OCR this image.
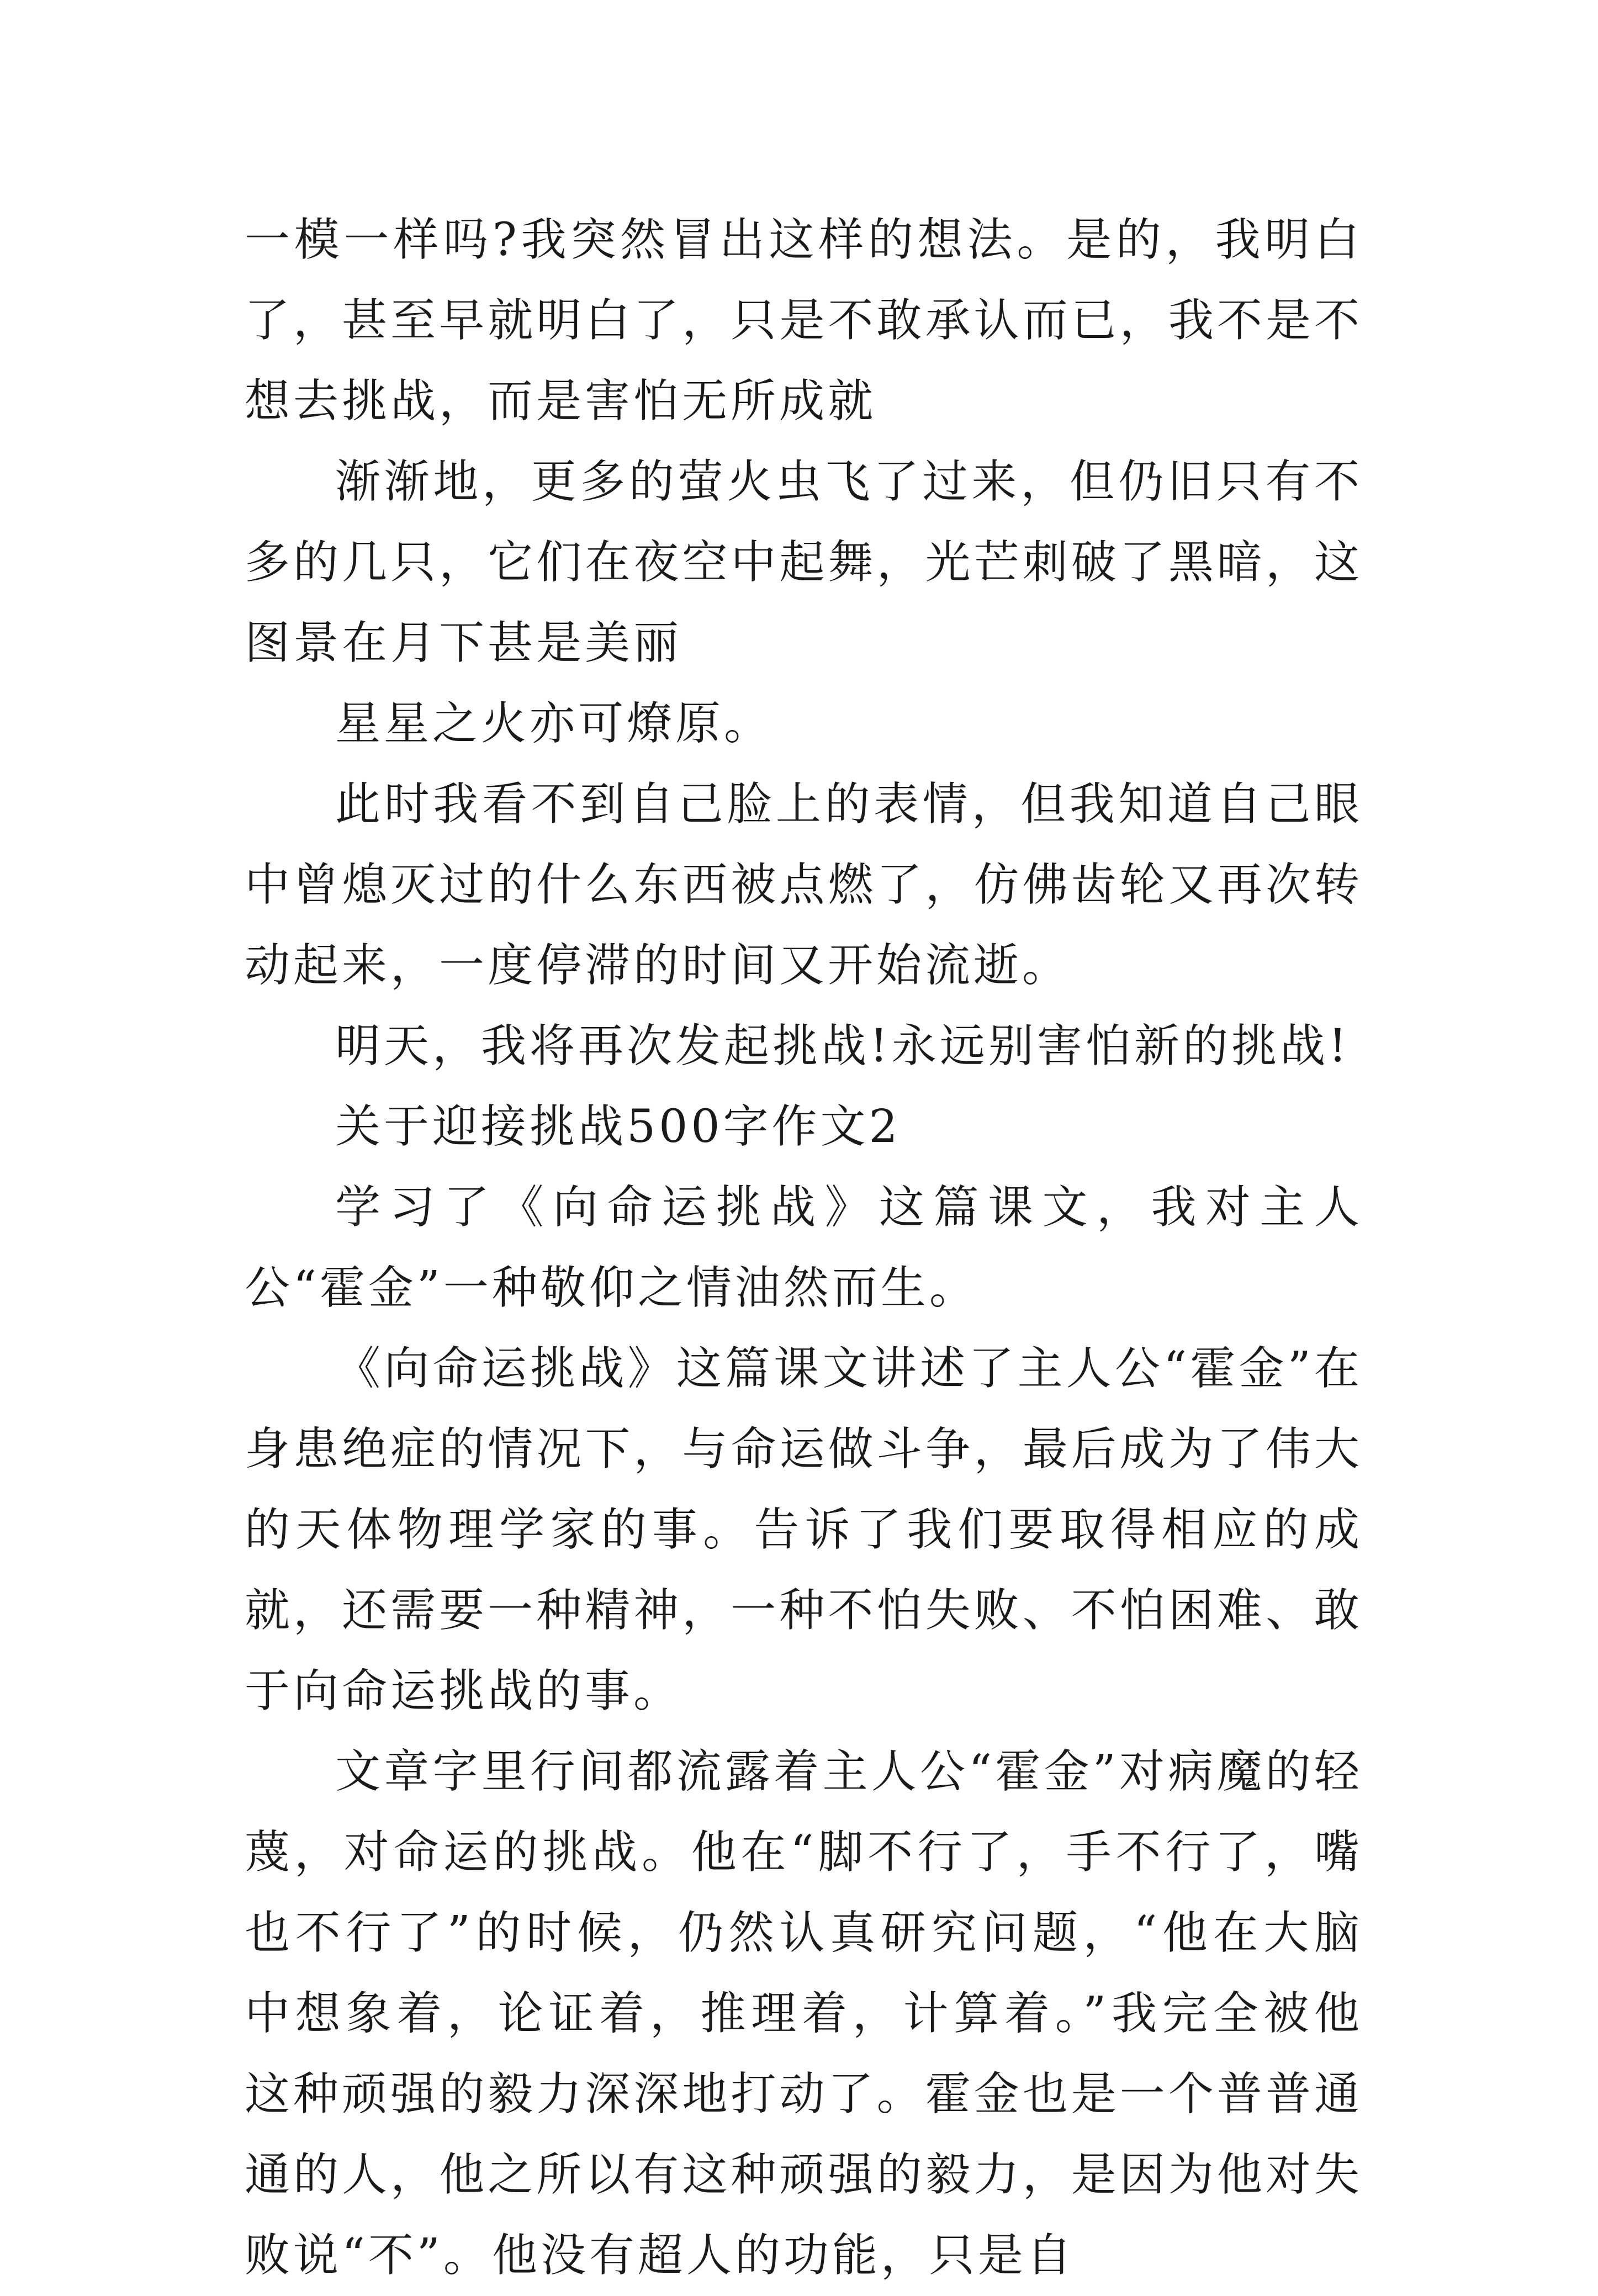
一模一样吗?我突然冒出这样的想法。是的，我明白了，甚至早就明白了，只是不敢承认而已，我不是不想去挑战，而是害怕无所成就

渐渐地，更多的萤火虫飞了过来，但仍旧只有不多的几只，它们在夜空中起舞，光芒刺破了黑暗，这图景在月下甚是美丽

星星之火亦可燎原。

此时我看不到自己脸上的表情，但我知道自己眼中曾熄灭过的什么东西被点燃了，仿佛齿轮又再次转动起来，一度停滞的时间又开始流逝。

明天，我将再次发起挑战!永远别害怕新的挑战!

关于迎接挑战500字作文2

学习了《向命运挑战》这篇课文，我对主人公“霍金”一种敬仰之情油然而生。

《向命运挑战》这篇课文讲述了主人公“霍金”在身患绝症的情况下，与命运做斗争，最后成为了伟大的天体物理学家的事。告诉了我们要取得相应的成就，还需要一种精神，一种不怕失败、不怕困难、敢于向命运挑战的事。

文章字里行间都流露着主人公“霍金”对病魔的轻蔑，对命运的挑战。他在“脚不行了，手不行了，嘴也不行了”的时候，仍然认真研究问题，“他在大脑中想象着，论证着，推理着，计算着。”我完全被他这种顽强的毅力深深地打动了。霍金也是一个普普通通的人，他之所以有这种顽强的毅力，是因为他对失败说“不”。他没有超人的功能，只是自
